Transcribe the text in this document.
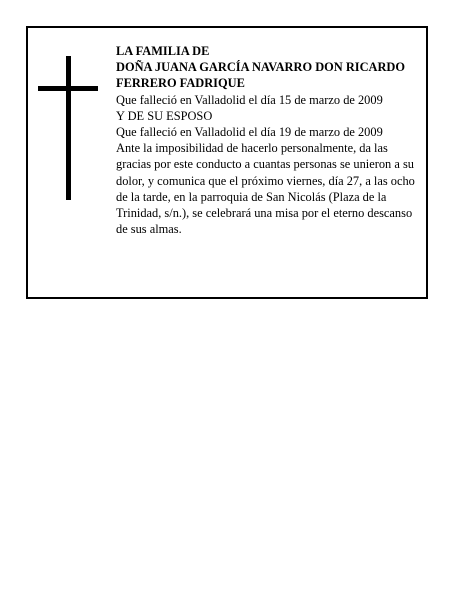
LA FAMILIA DE

DOÑA JUANA GARCÍA NAVARRO DON RICARDO FERRERO FADRIQUE

Que falleció en Valladolid el día 15 de marzo de 2009

Y DE SU ESPOSO

Que falleció en Valladolid el día 19 de marzo de 2009

Ante la imposibilidad de hacerlo personalmente, da las gracias por este conducto a cuantas personas se unieron a su dolor, y comunica que el próximo viernes, día 27, a las ocho de la tarde, en la parroquia de San Nicolás (Plaza de la Trinidad, s/n.), se celebrará una misa por el eterno descanso de sus almas.
